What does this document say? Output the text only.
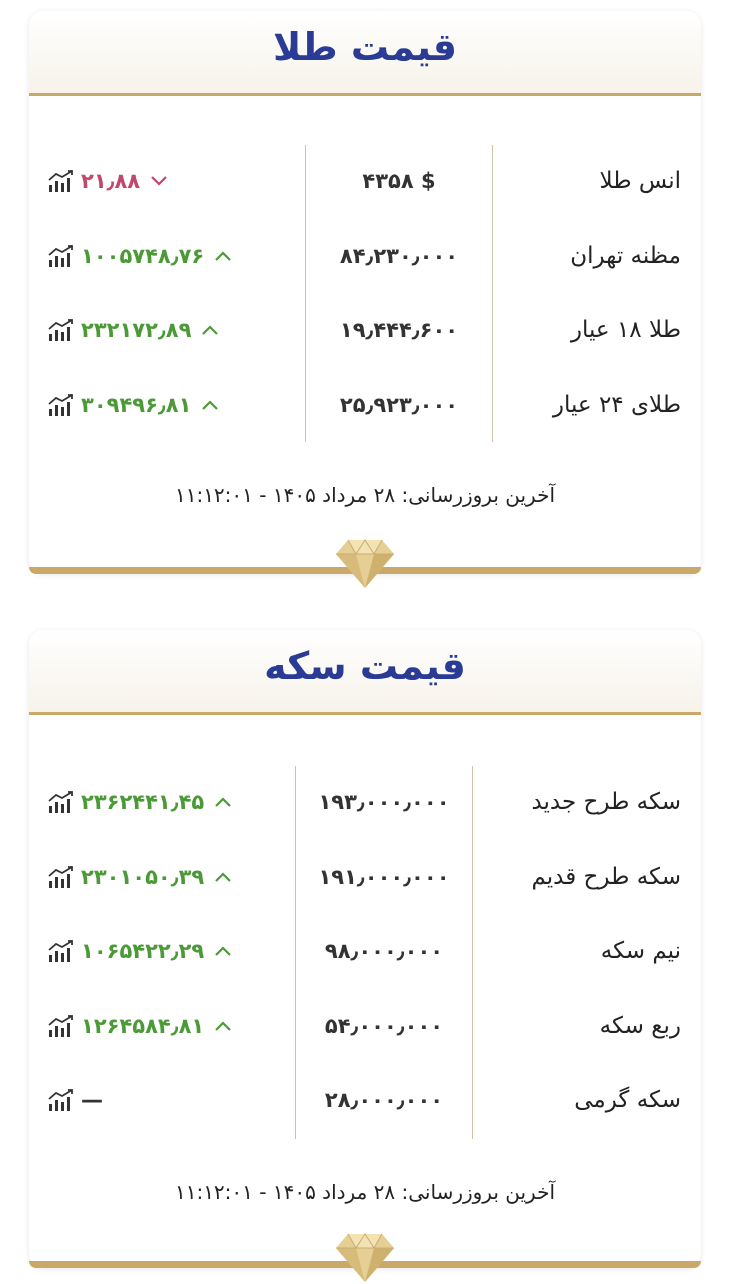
قیمت طلا
انس طلا
$ ۴۳۵۸
۲۱٫۸۸
مظنه تهران
۸۴٫۲۳۰٫۰۰۰
۱۰۰۵۷۴۸٫۷۶
طلا ۱۸ عیار
۱۹٫۴۴۴٫۶۰۰
۲۳۲۱۷۲٫۸۹
طلای ۲۴ عیار
۲۵٫۹۲۳٫۰۰۰
۳۰۹۴۹۶٫۸۱
آخرین بروزرسانی: ۲۸ مرداد ۱۴۰۵ - ۱۱:۱۲:۰۱
قیمت سکه
سکه طرح جدید
۱۹۳٫۰۰۰٫۰۰۰
۲۳۶۲۴۴۱٫۴۵
سکه طرح قدیم
۱۹۱٫۰۰۰٫۰۰۰
۲۳۰۱۰۵۰٫۳۹
نیم سکه
۹۸٫۰۰۰٫۰۰۰
۱۰۶۵۴۲۲٫۲۹
ربع سکه
۵۴٫۰۰۰٫۰۰۰
۱۲۶۴۵۸۴٫۸۱
سکه گرمی
۲۸٫۰۰۰٫۰۰۰
—
آخرین بروزرسانی: ۲۸ مرداد ۱۴۰۵ - ۱۱:۱۲:۰۱
